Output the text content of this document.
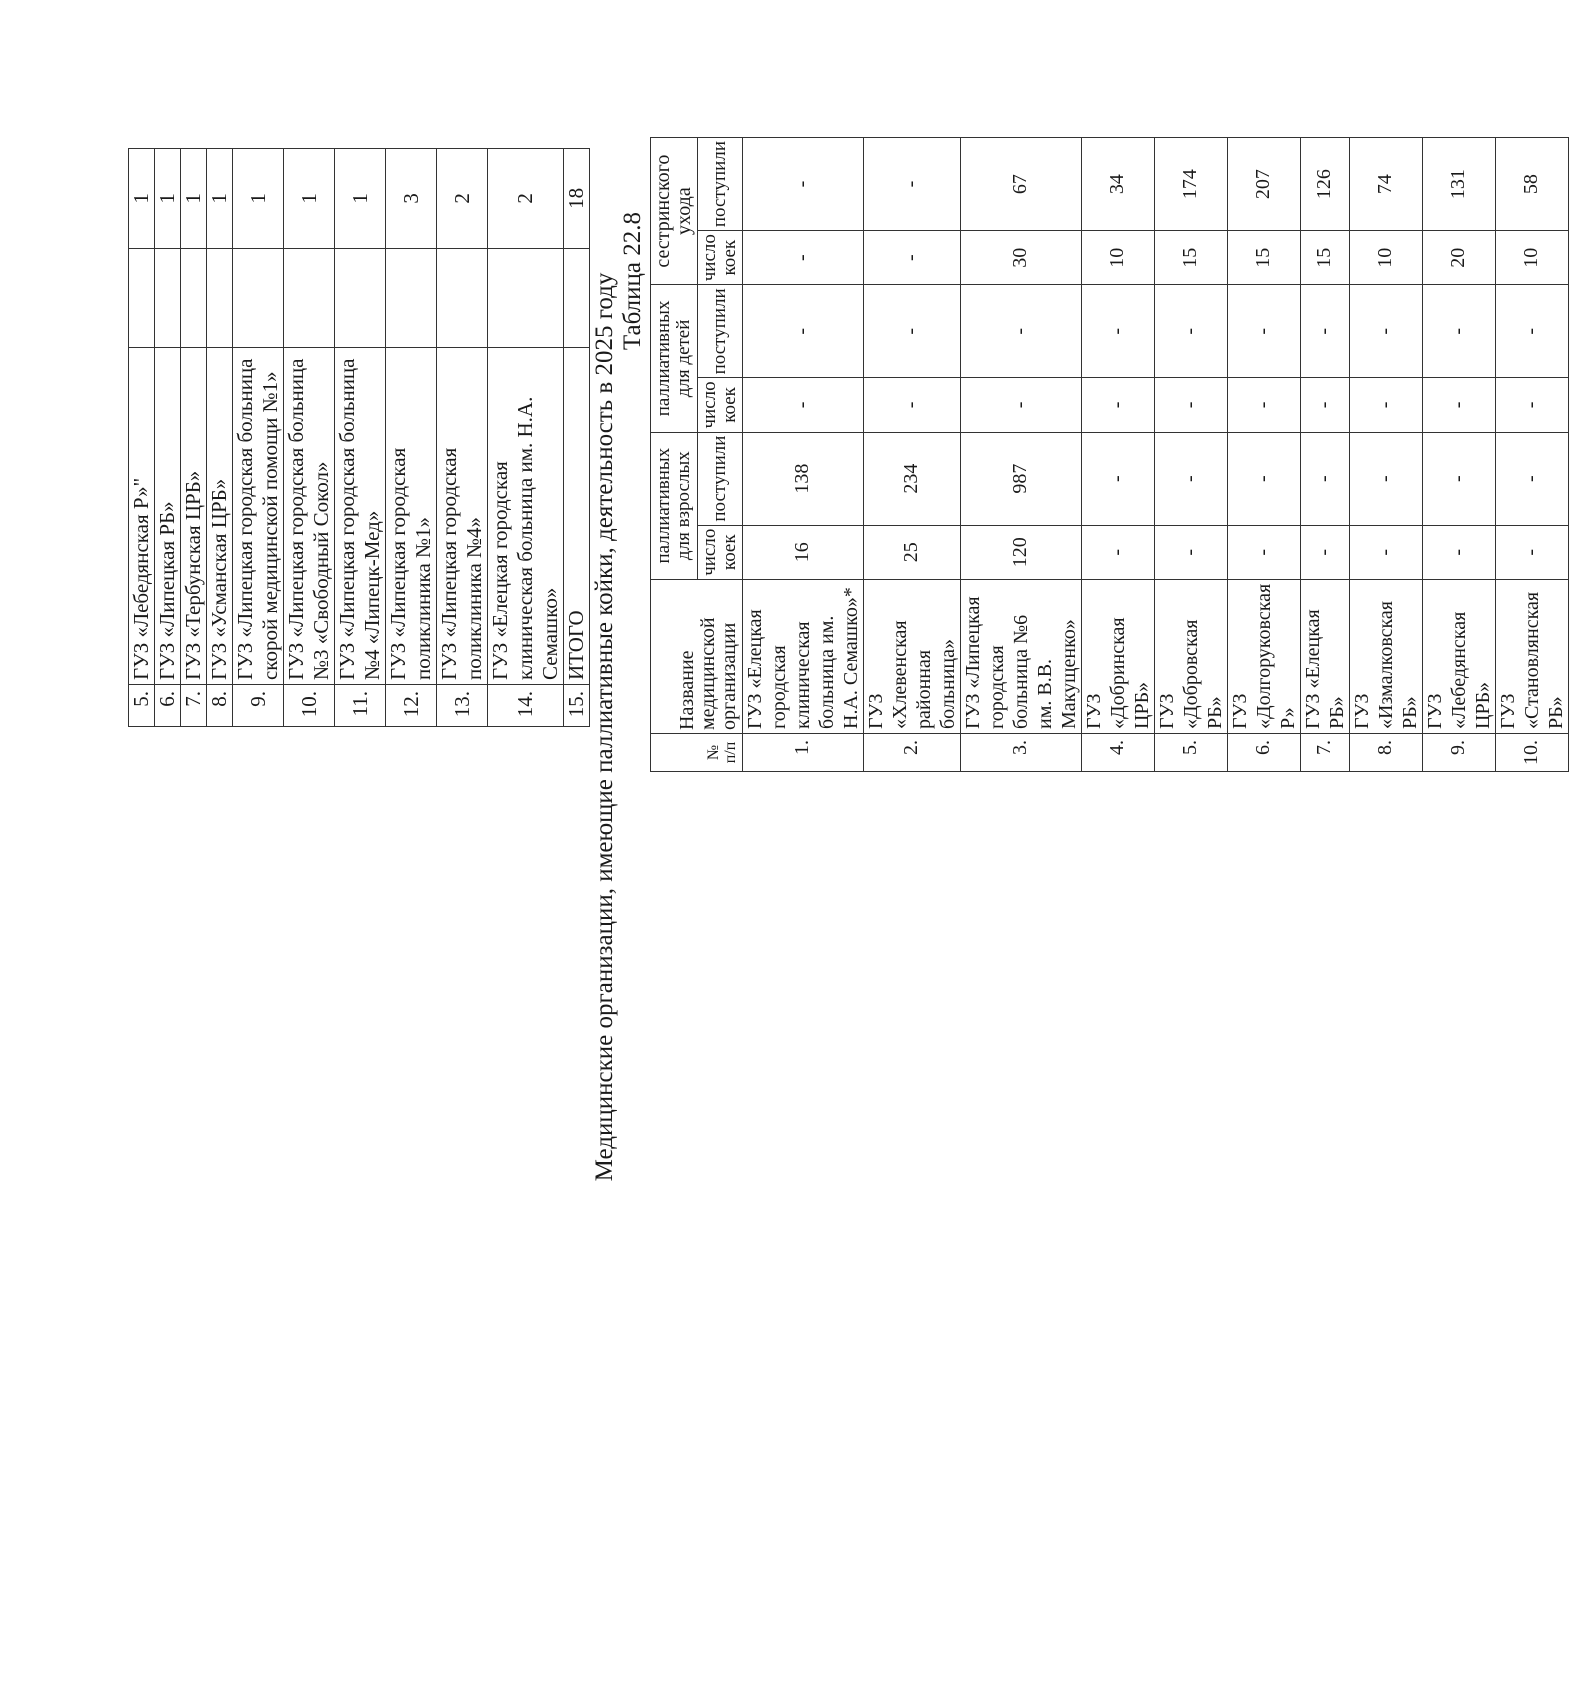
5.	ГУЗ «Лебедянская Р»"		1
6.	ГУЗ «Липецкая РБ»		1
7.	ГУЗ «Тербунская ЦРБ»		1
8.	ГУЗ «Усманская ЦРБ»		1
9.	ГУЗ «Липецкая городская больница скорой медицинской помощи №1»		1
10.	ГУЗ «Липецкая городская больница №3 «Свободный Сокол»		1
11.	ГУЗ «Липецкая городская больница №4 «Липецк-Мед»		1
12.	ГУЗ «Липецкая городская поликлиника №1»		3
13.	ГУЗ «Липецкая городская поликлиника №4»		2
14.	ГУЗ «Елецкая городская клиническая больница им. Н.А. Семашко»		2
15.	ИТОГО		18
Медицинские организации, имеющие паллиативные койки, деятельность в 2025 году Таблица 22.8
№ п/п	Название медицинской организации	паллиативных для взрослых		паллиативных для детей		сестринского ухода	
		число коек	поступили	число коек	поступили	число коек	поступили
1.	ГУЗ «Елецкая городская клиническая больница им. Н.А. Семашко»*	16	138	-	-	-	-
2.	ГУЗ «Хлевенская районная больница»	25	234	-	-	-	-
3.	ГУЗ «Липецкая городская больница №6 им. В.В. Макущенко»	120	987	-	-	30	67
4.	ГУЗ «Добринская ЦРБ»	-	-	-	-	10	34
5.	ГУЗ «Добровская РБ»	-	-	-	-	15	174
6.	ГУЗ «Долгоруковская Р»	-	-	-	-	15	207
7.	ГУЗ «Елецкая РБ»	-	-	-	-	15	126
8.	ГУЗ «Измалковская РБ»	-	-	-	-	10	74
9.	ГУЗ «Лебедянская ЦРБ»	-	-	-	-	20	131
10.	ГУЗ «Становлянская РБ»	-	-	-	-	10	58
